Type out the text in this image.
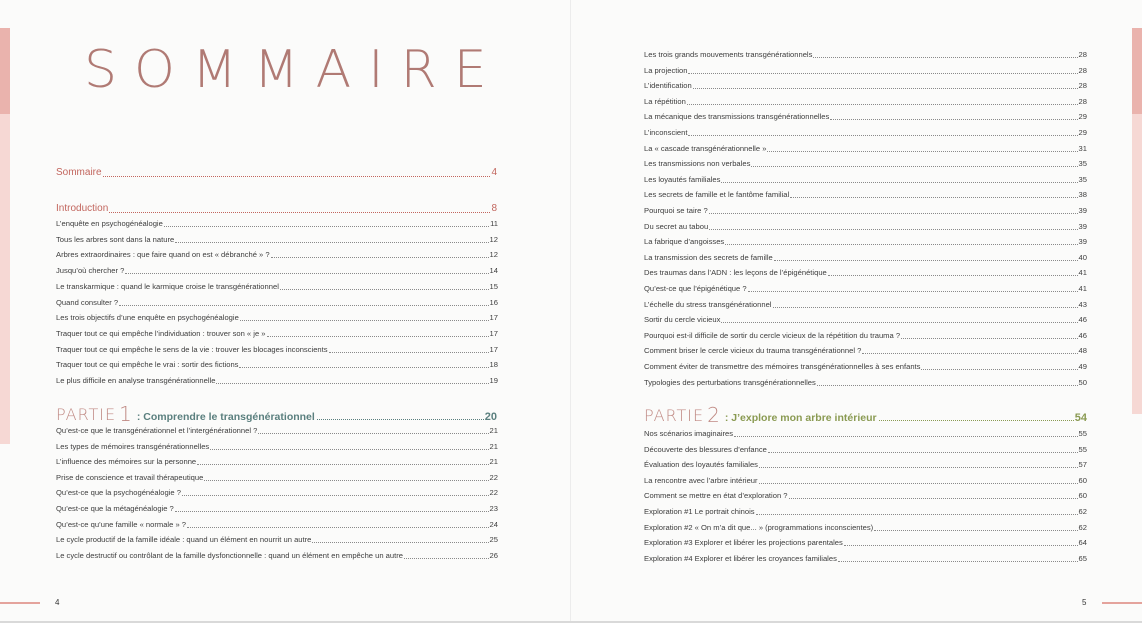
SOMMAIRE
Sommaire	4
Introduction	8
L’enquête en psychogénéalogie	11
Tous les arbres sont dans la nature	12
Arbres extraordinaires : que faire quand on est « débranché » ?	12
Jusqu’où chercher ?	14
Le transkarmique : quand le karmique croise le transgénérationnel	15
Quand consulter ?	16
Les trois objectifs d’une enquête en psychogénéalogie	17
Traquer tout ce qui empêche l’individuation : trouver son « je »	17
Traquer tout ce qui empêche le sens de la vie : trouver les blocages inconscients	17
Traquer tout ce qui empêche le vrai : sortir des fictions	18
Le plus difficile en analyse transgénérationnelle	19
PARTIE 1 : Comprendre le transgénérationnel	20
Qu’est-ce que le transgénérationnel et l’intergénérationnel ?	21
Les types de mémoires transgénérationnelles	21
L’influence des mémoires sur la personne	21
Prise de conscience et travail thérapeutique	22
Qu’est-ce que la psychogénéalogie ?	22
Qu’est-ce que la métagénéalogie ?	23
Qu’est-ce qu’une famille « normale » ?	24
Le cycle productif de la famille idéale : quand un élément en nourrit un autre	25
Le cycle destructif ou contrôlant de la famille dysfonctionnelle : quand un élément en empêche un autre	26
Les trois grands mouvements transgénérationnels	28
La projection	28
L’identification	28
La répétition	28
La mécanique des transmissions transgénérationnelles	29
L’inconscient	29
La « cascade transgénérationnelle »	31
Les transmissions non verbales	35
Les loyautés familiales	35
Les secrets de famille et le fantôme familial	38
Pourquoi se taire ?	39
Du secret au tabou	39
La fabrique d’angoisses	39
La transmission des secrets de famille	40
Des traumas dans l’ADN : les leçons de l’épigénétique	41
Qu’est-ce que l’épigénétique ?	41
L’échelle du stress transgénérationnel	43
Sortir du cercle vicieux	46
Pourquoi est-il difficile de sortir du cercle vicieux de la répétition du trauma ?	46
Comment briser le cercle vicieux du trauma transgénérationnel ?	48
Comment éviter de transmettre des mémoires transgénérationnelles à ses enfants	49
Typologies des perturbations transgénérationnelles	50
PARTIE 2 : J’explore mon arbre intérieur	54
Nos scénarios imaginaires	55
Découverte des blessures d’enfance	55
Évaluation des loyautés familiales	57
La rencontre avec l’arbre intérieur	60
Comment se mettre en état d’exploration ?	60
Exploration #1 Le portrait chinois	62
Exploration #2 « On m’a dit que... » (programmations inconscientes)	62
Exploration #3 Explorer et libérer les projections parentales	64
Exploration #4 Explorer et libérer les croyances familiales	65
4	5
